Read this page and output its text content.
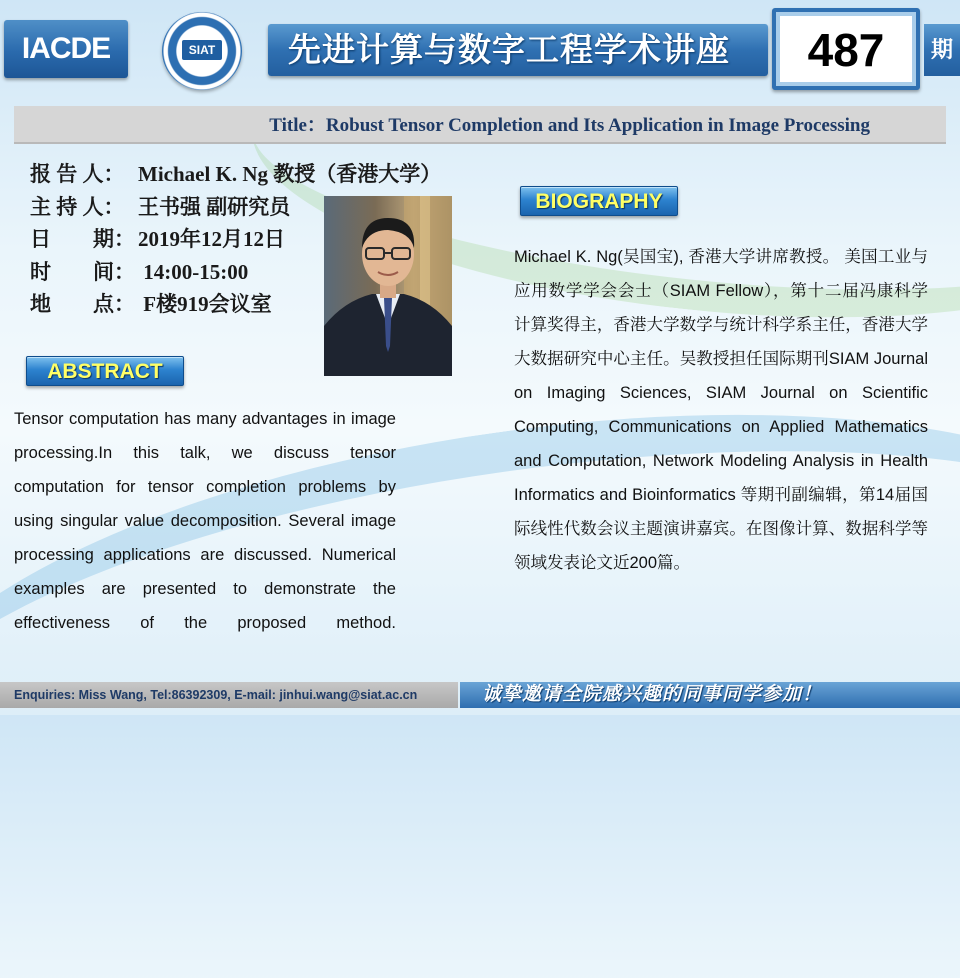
IACDE	SIAT	先进计算与数字工程学术讲座	487	期
Title：Robust Tensor Completion and Its Application in Image Processing
报 告 人： Michael K. Ng 教授（香港大学）
主 持 人： 王书强 副研究员
日　　期： 2019年12月12日
时　　间： 14:00-15:00
地　　点： F楼919会议室
BIOGRAPHY
ABSTRACT
Tensor computation has many advantages in image processing.In this talk, we discuss tensor computation for tensor completion problems by using singular value decomposition. Several image processing applications are discussed. Numerical examples are presented to demonstrate the effectiveness of the proposed method.
Michael K. Ng(吴国宝), 香港大学讲席教授。 美国工业与应用数学学会会士（SIAM Fellow），第十二届冯康科学计算奖得主，香港大学数学与统计科学系主任，香港大学大数据研究中心主任。吴教授担任国际期刊SIAM Journal on Imaging Sciences, SIAM Journal on Scientific Computing, Communications on Applied Mathematics and Computation, Network Modeling Analysis in Health Informatics and Bioinformatics 等期刊副编辑，第14届国际线性代数会议主题演讲嘉宾。在图像计算、数据科学等领域发表论文近200篇。
Enquiries: Miss Wang, Tel:86392309, E-mail: jinhui.wang@siat.ac.cn	诚挚邀请全院感兴趣的同事同学参加！
